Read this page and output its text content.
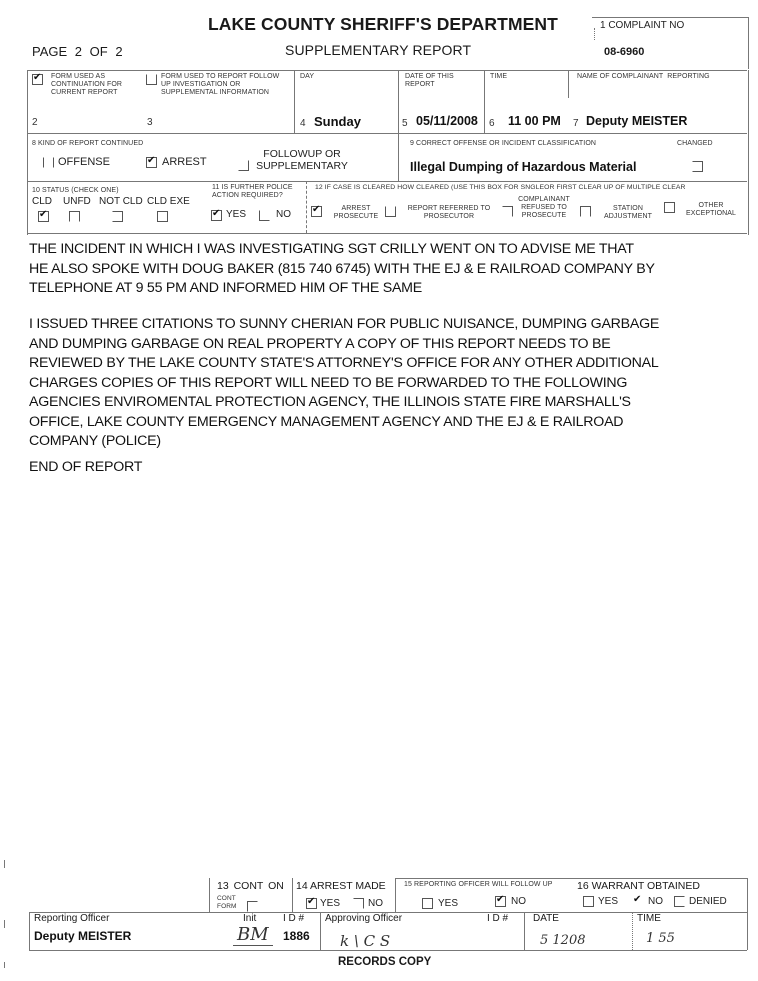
LAKE COUNTY SHERIFF'S DEPARTMENT
SUPPLEMENTARY REPORT
PAGE 2 OF 2
1 COMPLAINT NO
08-6960
✔
FORM USED AS CONTINUATION FOR CURRENT REPORT
2
FORM USED TO REPORT FOLLOW UP INVESTIGATION OR SUPPLEMENTAL INFORMATION
3
DAY
4 Sunday
DATE OF THIS REPORT
5 05/11/2008
TIME
6 11 00 PM
NAME OF COMPLAINANT  REPORTING
7 Deputy MEISTER
8 KIND OF REPORT CONTINUED
OFFENSE ✔	ARREST
FOLLOWUP OR
SUPPLEMENTARY
9 CORRECT OFFENSE OR INCIDENT CLASSIFICATION	CHANGED
Illegal Dumping of Hazardous Material
10 STATUS (CHECK ONE)
CLD
✔ UNFD NOT CLD CLD EXE
11 IS FURTHER POLICE
ACTION REQUIRED?
✔
YES	NO
12 IF CASE IS CLEARED HOW CLEARED (USE THIS BOX FOR SNGLEOR FIRST CLEAR UP OF MULTIPLE CLEAR
✔
ARREST
PROSECUTE
REPORT REFERRED TO
PROSECUTOR
COMPLAINANT
REFUSED TO
PROSECUTE
STATION
ADJUSTMENT
OTHER
EXCEPTIONAL
THE INCIDENT IN WHICH I WAS INVESTIGATING SGT CRILLY WENT ON TO ADVISE ME THAT
HE ALSO SPOKE WITH DOUG BAKER (815 740 6745) WITH THE EJ & E RAILROAD COMPANY BY
TELEPHONE AT 9 55 PM AND INFORMED HIM OF THE SAME
I ISSUED THREE CITATIONS TO SUNNY CHERIAN FOR PUBLIC NUISANCE, DUMPING GARBAGE
AND DUMPING GARBAGE ON REAL PROPERTY A COPY OF THIS REPORT NEEDS TO BE
REVIEWED BY THE LAKE COUNTY STATE'S ATTORNEY'S OFFICE FOR ANY OTHER ADDITIONAL
CHARGES COPIES OF THIS REPORT WILL NEED TO BE FORWARDED TO THE FOLLOWING
AGENCIES ENVIROMENTAL PROTECTION AGENCY, THE ILLINOIS STATE FIRE MARSHALL'S
OFFICE, LAKE COUNTY EMERGENCY MANAGEMENT AGENCY AND THE EJ & E RAILROAD
COMPANY (POLICE)
END OF REPORT
13 CONT ON
CONT
FORM
14 ARREST MADE
✔
YES	NO
15 REPORTING OFFICER WILL FOLLOW UP
YES ✔	NO
16 WARRANT OBTAINED
YES ✔	NO	DENIED
Reporting Officer
Deputy MEISTER
Init
BM
I D #
1886
Approving Officer
k \ C S
I D # DATE
5 1208
TIME
1 55
RECORDS COPY
